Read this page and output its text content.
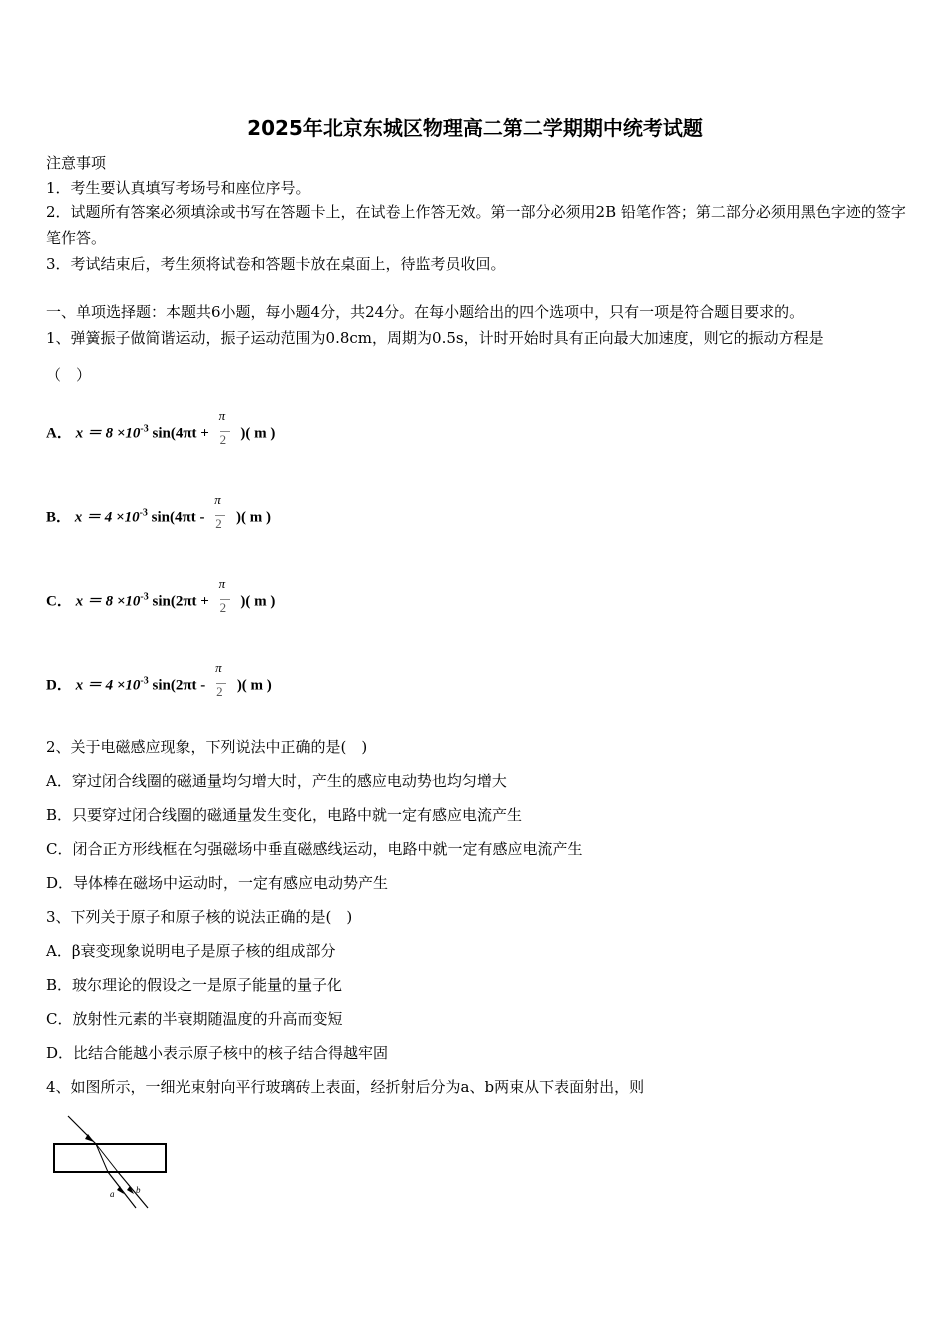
2025年北京东城区物理高二第二学期期中统考试题
注意事项
1．考生要认真填写考场号和座位序号。
2．试题所有答案必须填涂或书写在答题卡上，在试卷上作答无效。第一部分必须用2B 铅笔作答；第二部分必须用黑色字迹的签字笔作答。
3．考试结束后，考生须将试卷和答题卡放在桌面上，待监考员收回。
一、单项选择题：本题共6小题，每小题4分，共24分。在每小题给出的四个选项中，只有一项是符合题目要求的。
1、弹簧振子做简谐运动，振子运动范围为0.8cm，周期为0.5s，计时开始时具有正向最大加速度，则它的振动方程是
（　）
A． $x = 8 \times 10^{-3}$ $\sin(4\pi t + \frac{\pi}{2}$ )( m )
B． $x = 4 \times 10^{-3}$ $\sin(4\pi t - \frac{\pi}{2}$ )( m )
C． $x = 8 \times 10^{-3}$ $\sin(2\pi t + \frac{\pi}{2}$ )( m )
D． $x = 4 \times 10^{-3}$ $\sin(2\pi t - \frac{\pi}{2}$ )( m )
2、关于电磁感应现象，下列说法中正确的是(　)
A．穿过闭合线圈的磁通量均匀增大时，产生的感应电动势也均匀增大
B．只要穿过闭合线圈的磁通量发生变化，电路中就一定有感应电流产生
C．闭合正方形线框在匀强磁场中垂直磁感线运动，电路中就一定有感应电流产生
D．导体棒在磁场中运动时，一定有感应电动势产生
3、下列关于原子和原子核的说法正确的是(　)
A．β衰变现象说明电子是原子核的组成部分
B．玻尔理论的假设之一是原子能量的量子化
C．放射性元素的半衰期随温度的升高而变短
D．比结合能越小表示原子核中的核子结合得越牢固
4、如图所示，一细光束射向平行玻璃砖上表面，经折射后分为a、b两束从下表面射出，则
a b
